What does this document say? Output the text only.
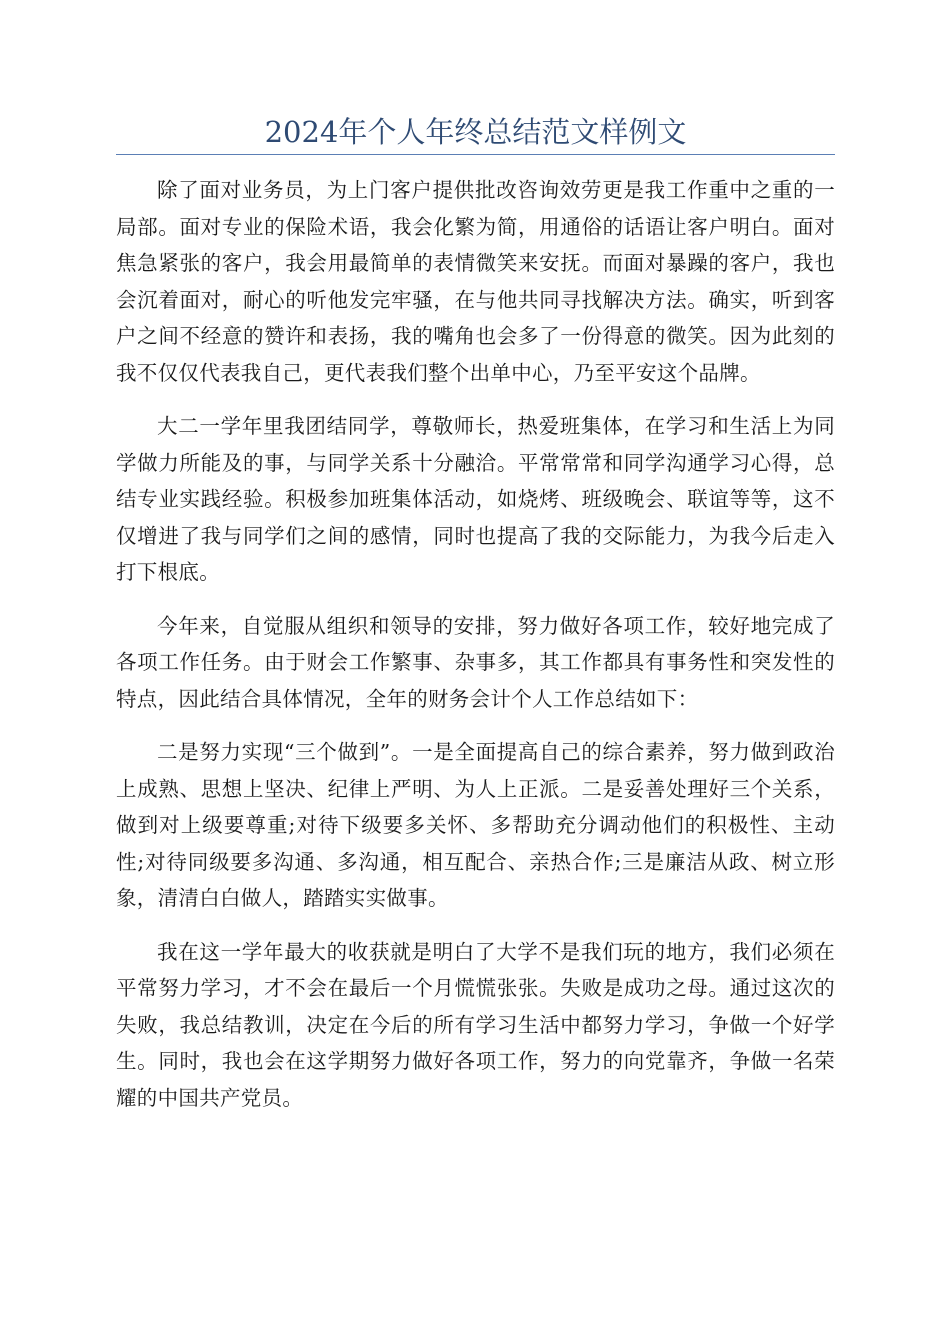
2024年个人年终总结范文样例文

除了面对业务员，为上门客户提供批改咨询效劳更是我工作重中之重的一局部。面对专业的保险术语，我会化繁为简，用通俗的话语让客户明白。面对焦急紧张的客户，我会用最简单的表情微笑来安抚。而面对暴躁的客户，我也会沉着面对，耐心的听他发完牢骚，在与他共同寻找解决方法。确实，听到客户之间不经意的赞许和表扬，我的嘴角也会多了一份得意的微笑。因为此刻的我不仅仅代表我自己，更代表我们整个出单中心，乃至平安这个品牌。

大二一学年里我团结同学，尊敬师长，热爱班集体，在学习和生活上为同学做力所能及的事，与同学关系十分融洽。平常常常和同学沟通学习心得，总结专业实践经验。积极参加班集体活动，如烧烤、班级晚会、联谊等等，这不仅增进了我与同学们之间的感情，同时也提高了我的交际能力，为我今后走入打下根底。

今年来，自觉服从组织和领导的安排，努力做好各项工作，较好地完成了各项工作任务。由于财会工作繁事、杂事多，其工作都具有事务性和突发性的特点，因此结合具体情况，全年的财务会计个人工作总结如下：

二是努力实现“三个做到”。一是全面提高自己的综合素养，努力做到政治上成熟、思想上坚决、纪律上严明、为人上正派。二是妥善处理好三个关系，做到对上级要尊重;对待下级要多关怀、多帮助充分调动他们的积极性、主动性;对待同级要多沟通、多沟通，相互配合、亲热合作;三是廉洁从政、树立形象，清清白白做人，踏踏实实做事。

我在这一学年最大的收获就是明白了大学不是我们玩的地方，我们必须在平常努力学习，才不会在最后一个月慌慌张张。失败是成功之母。通过这次的失败，我总结教训，决定在今后的所有学习生活中都努力学习，争做一个好学生。同时，我也会在这学期努力做好各项工作，努力的向党靠齐，争做一名荣耀的中国共产党员。
